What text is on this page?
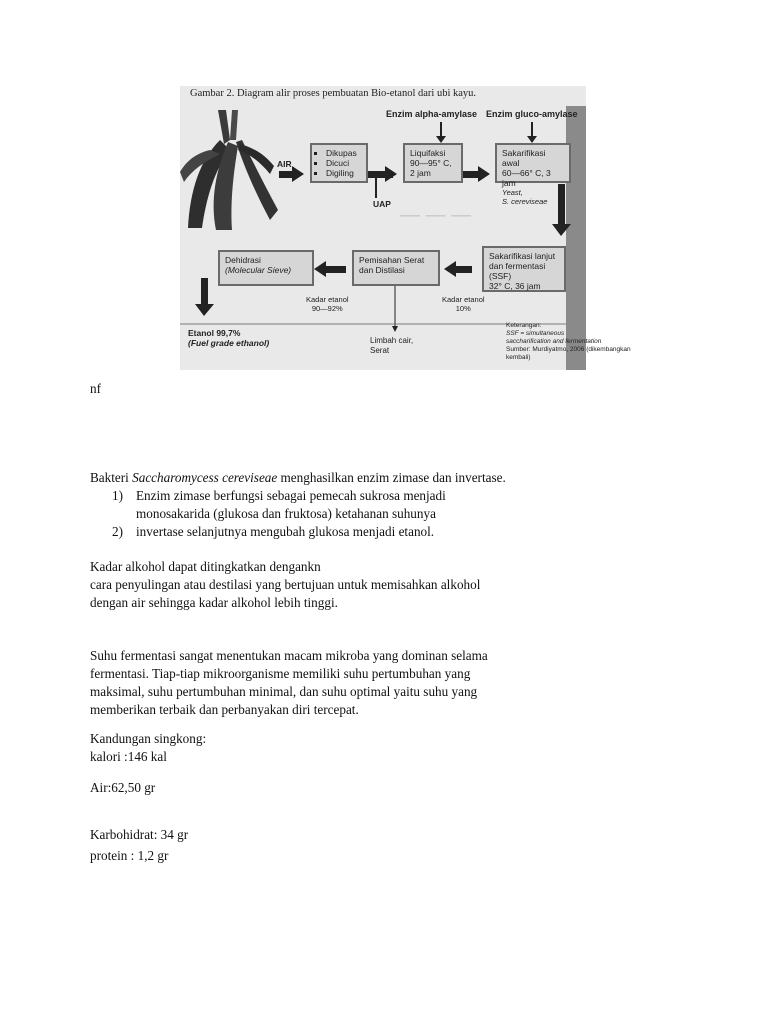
— — —
Gambar 2. Diagram alir proses pembuatan Bio-etanol dari ubi kayu.
Enzim alpha-amylase Enzim gluco-amylase
▪ Dikupas
▪ Dicuci
▪ Digiling
Liquifaksi
90—95° C,
2 jam
Sakarifikasi awal
60—66° C, 3 jam
Sakarifikasi lanjut
dan fermentasi (SSF)
32° C, 36 jam
Pemisahan Serat
dan Distilasi
Dehidrasi
(Molecular Sieve)
AIR
UAP
Yeast,
S. cereviseae
Kadar etanol
10%
Kadar etanol
90—92%
Limbah cair,
Serat
Etanol 99,7%
(Fuel grade ethanol)
Keterangan:
SSF = simultaneous
saccharification and fermentation
Sumber: Murdiyatmo, 2006 (dikembangkan
kembali)
nf
Bakteri Saccharomycess cereviseae menghasilkan enzim zimase dan invertase.
1) Enzim zimase berfungsi sebagai pemecah sukrosa menjadi
monosakarida (glukosa dan fruktosa) ketahanan suhunya
2) invertase selanjutnya mengubah glukosa menjadi etanol.
Kadar alkohol dapat ditingkatkan dengankn
cara penyulingan atau destilasi yang bertujuan untuk memisahkan alkohol
dengan air sehingga kadar alkohol lebih tinggi.
Suhu fermentasi sangat menentukan macam mikroba yang dominan selama
fermentasi. Tiap-tiap mikroorganisme memiliki suhu pertumbuhan yang
maksimal, suhu pertumbuhan minimal, dan suhu optimal yaitu suhu yang
memberikan terbaik dan perbanyakan diri tercepat.
Kandungan singkong:
kalori :146 kal
Air:62,50 gr
Karbohidrat: 34 gr
protein : 1,2 gr
